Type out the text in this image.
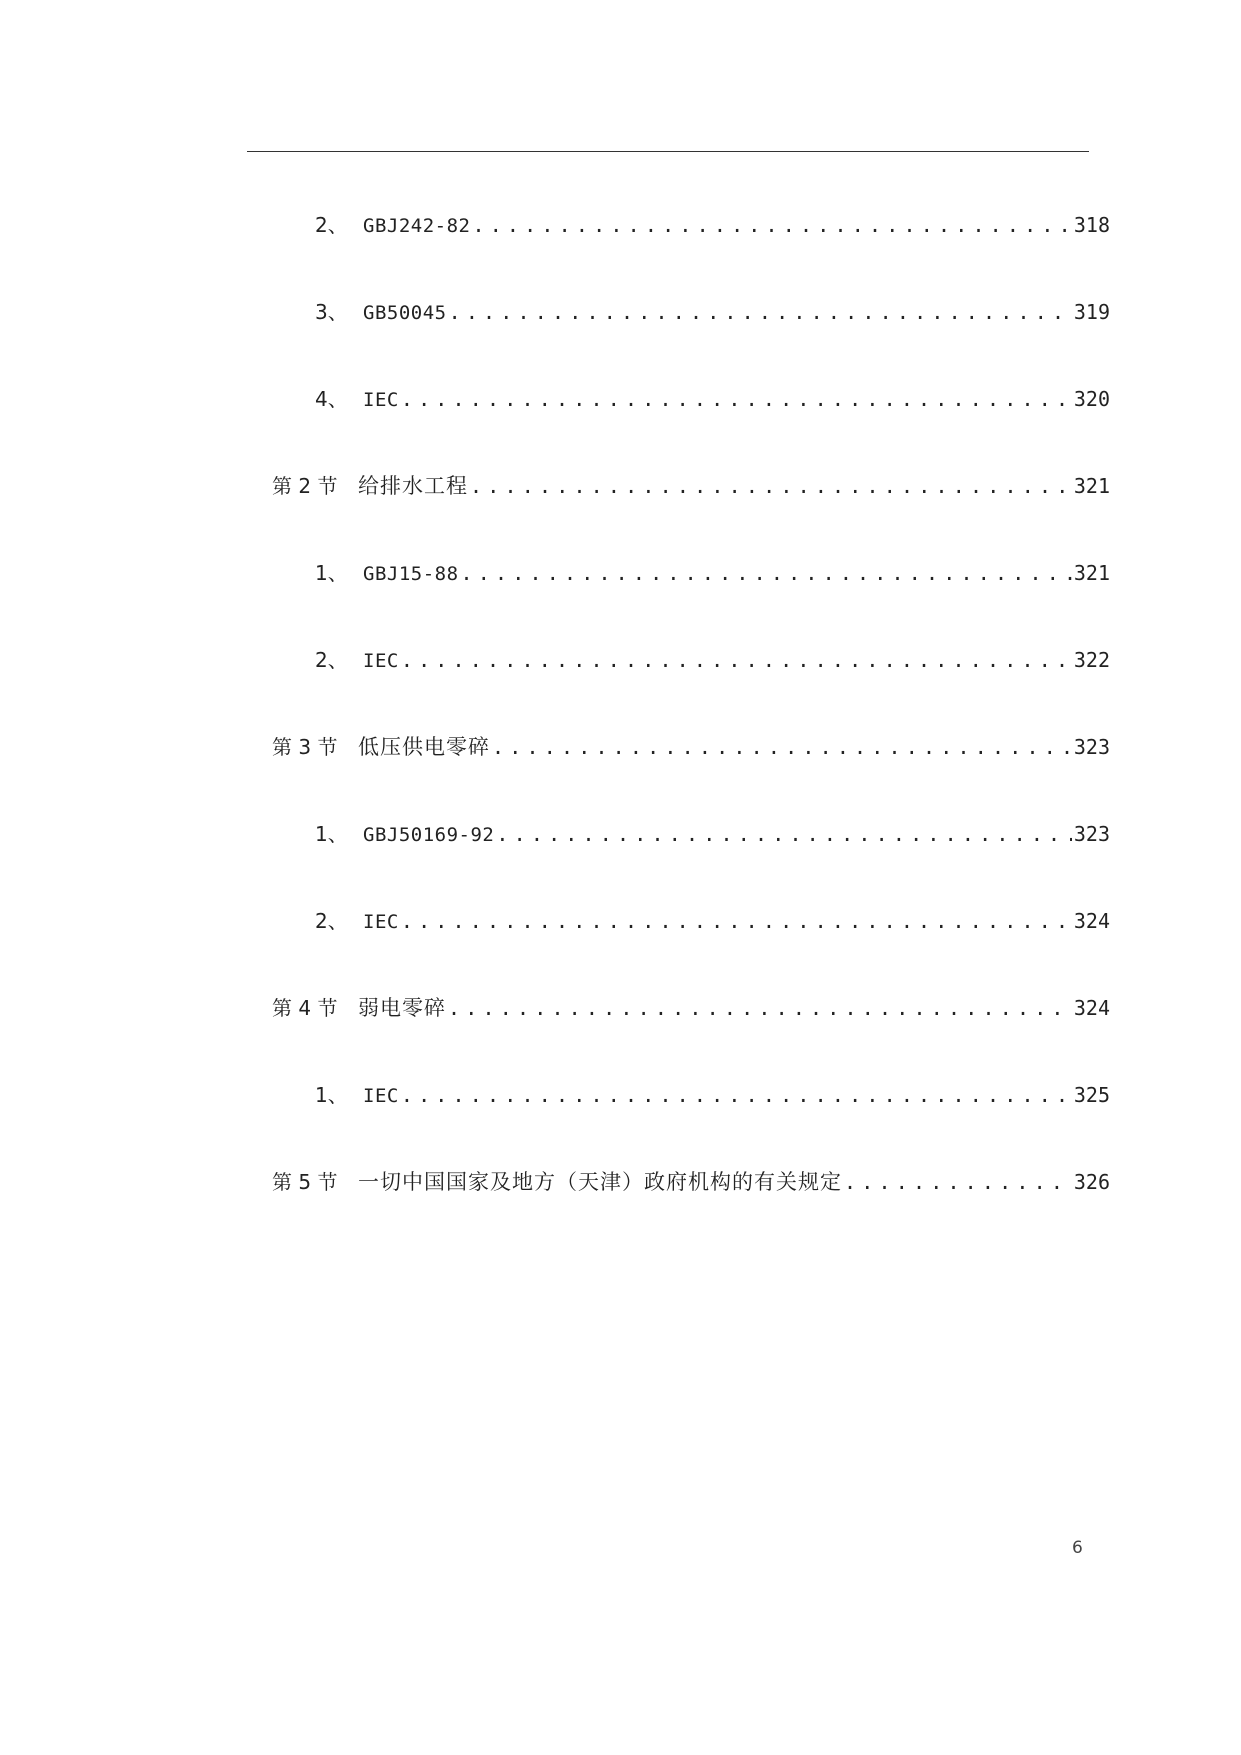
2、 GBJ242-82 .....	318
3、 GB50045 .....	319
4、 IEC .....	320
第 2 节 给排水工程 .....	321
1、 GBJ15-88 .....	321
2、 IEC .....	322
第 3 节 低压供电零碎 .....	323
1、 GBJ50169-92 .....	323
2、 IEC .....	324
第 4 节 弱电零碎 .....	324
1、 IEC .....	325
第 5 节 一切中国国家及地方（天津）政府机构的有关规定 .....	326
6
